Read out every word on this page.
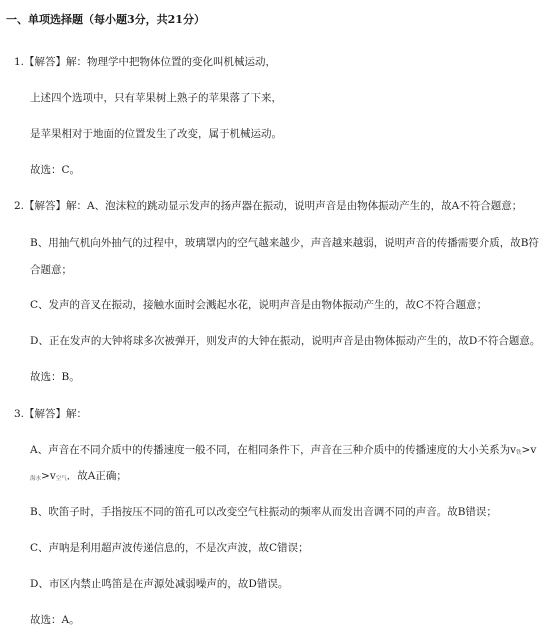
一、单项选择题（每小题3分，共21分）
1.【解答】解：物理学中把物体位置的变化叫机械运动，
上述四个选项中，只有苹果树上熟子的苹果落了下来，
是苹果相对于地面的位置发生了改变，属于机械运动。
故选：C。
2.【解答】解：A、泡沫粒的跳动显示发声的扬声器在振动，说明声音是由物体振动产生的，故A不符合题意；
B、用抽气机向外抽气的过程中，玻璃罩内的空气越来越少，声音越来越弱，说明声音的传播需要介质，故B符
合题意；
C、发声的音叉在振动，接触水面时会溅起水花，说明声音是由物体振动产生的，故C不符合题意；
D、正在发声的大钟将球多次被弹开，则发声的大钟在振动，说明声音是由物体振动产生的，故D不符合题意。
故选：B。
3.【解答】解：
A、声音在不同介质中的传播速度一般不同，在相同条件下，声音在三种介质中的传播速度的大小关系为v铁>v
海水>v空气．故A正确；
B、吹笛子时，手指按压不同的笛孔可以改变空气柱振动的频率从而发出音调不同的声音。故B错误；
C、声呐是利用超声波传递信息的，不是次声波，故C错误；
D、市区内禁止鸣笛是在声源处减弱噪声的，故D错误。
故选：A。
